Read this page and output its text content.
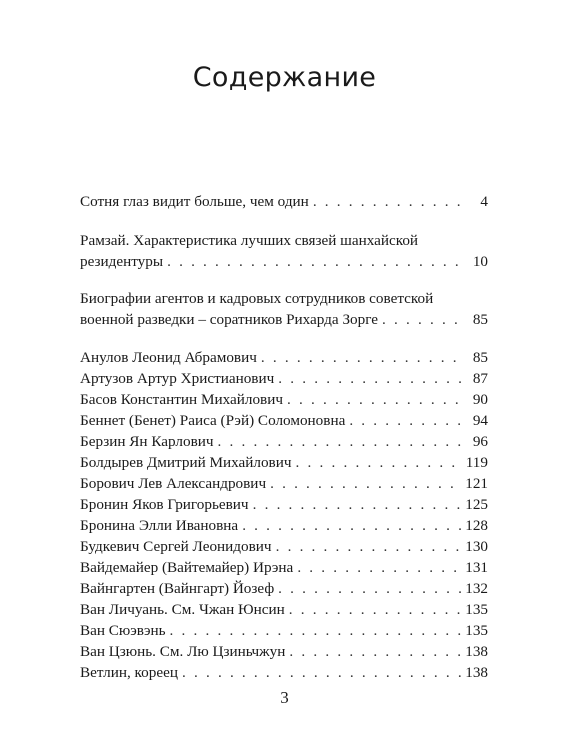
Содержание
Сотня глаз видит больше, чем один . . .	4
Рамзай. Характеристика лучших связей шанхайской
резидентуры . . .	10
Биографии агентов и кадровых сотрудников советской
военной разведки – соратников Рихарда Зорге . . .	85
Анулов Леонид Абрамович . . .	85
Артузов Артур Христианович . . .	87
Басов Константин Михайлович . . .	90
Беннет (Бенет) Раиса (Рэй) Соломоновна . . .	94
Берзин Ян Карлович . . .	96
Болдырев Дмитрий Михайлович . . .	119
Борович Лев Александрович . . .	121
Бронин Яков Григорьевич . . .	125
Бронина Элли Ивановна . . .	128
Будкевич Сергей Леонидович . . .	130
Вайдемайер (Вайтемайер) Ирэна . . .	131
Вайнгартен (Вайнгарт) Йозеф . . .	132
Ван Личуань. См. Чжан Юнсин . . .	135
Ван Сюэвэнь . . .	135
Ван Цзюнь. См. Лю Цзиньчжун . . .	138
Ветлин, кореец . . .	138
3
